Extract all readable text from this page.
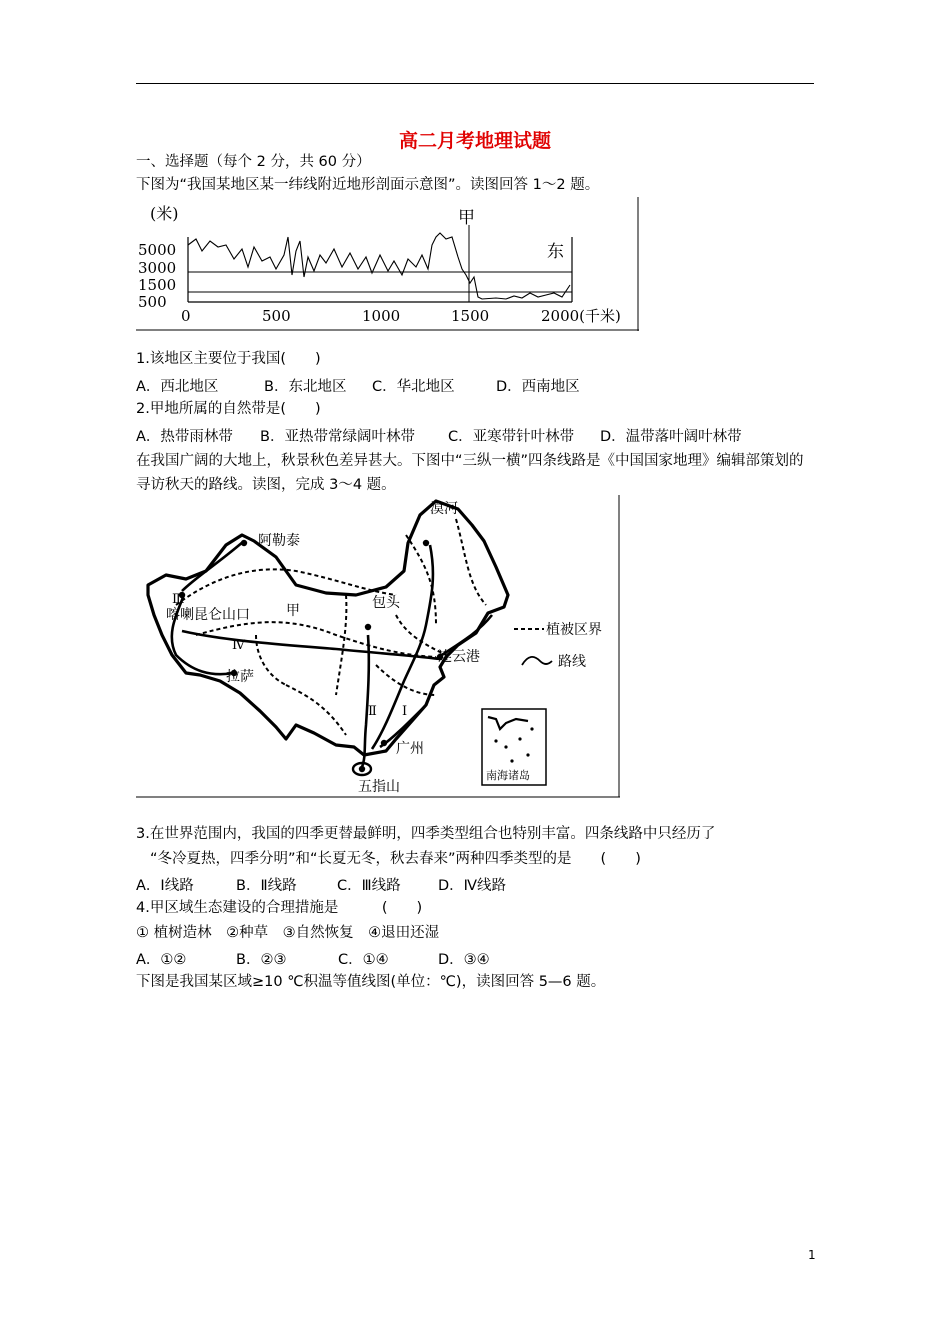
高二月考地理试题
一、选择题（每个 2 分，共 60 分）
下图为“我国某地区某一纬线附近地形剖面示意图”。读图回答 1～2 题。
(米)
5000
3000
1500
500
甲
东
0	500	1000	1500	2000(千米)
1.该地区主要位于我国(　　)
A．西北地区	B．东北地区 C．华北地区	D．西南地区
2.甲地所属的自然带是(　　)
A．热带雨林带 B．亚热带常绿阔叶林带 C．亚寒带针叶林带 D．温带落叶阔叶林带
在我国广阔的大地上，秋景秋色差异甚大。下图中“三纵一横”四条线路是《中国国家地理》编辑部策划的寻访秋天的路线。读图，完成 3～4 题。
漠河
阿勒泰
喀喇昆仑山口
包头
连云港
拉萨
广州
五指山
甲
Ⅰ
Ⅱ
Ⅲ
Ⅳ
植被区界
路线
南海诸岛
3.在世界范围内，我国的四季更替最鲜明，四季类型组合也特别丰富。四条线路中只经历了
“冬冷夏热，四季分明”和“长夏无冬，秋去春来”两种四季类型的是　　(　　)
A．Ⅰ线路	B．Ⅱ线路	C．Ⅲ线路	D．Ⅳ线路
4.甲区域生态建设的合理措施是　　　(　　)
① 植树造林　②种草　③自然恢复　④退田还湿
A．①②	B．②③	C．①④	D．③④
下图是我国某区域≥10 ℃积温等值线图(单位：℃)，读图回答 5—6 题。
1
